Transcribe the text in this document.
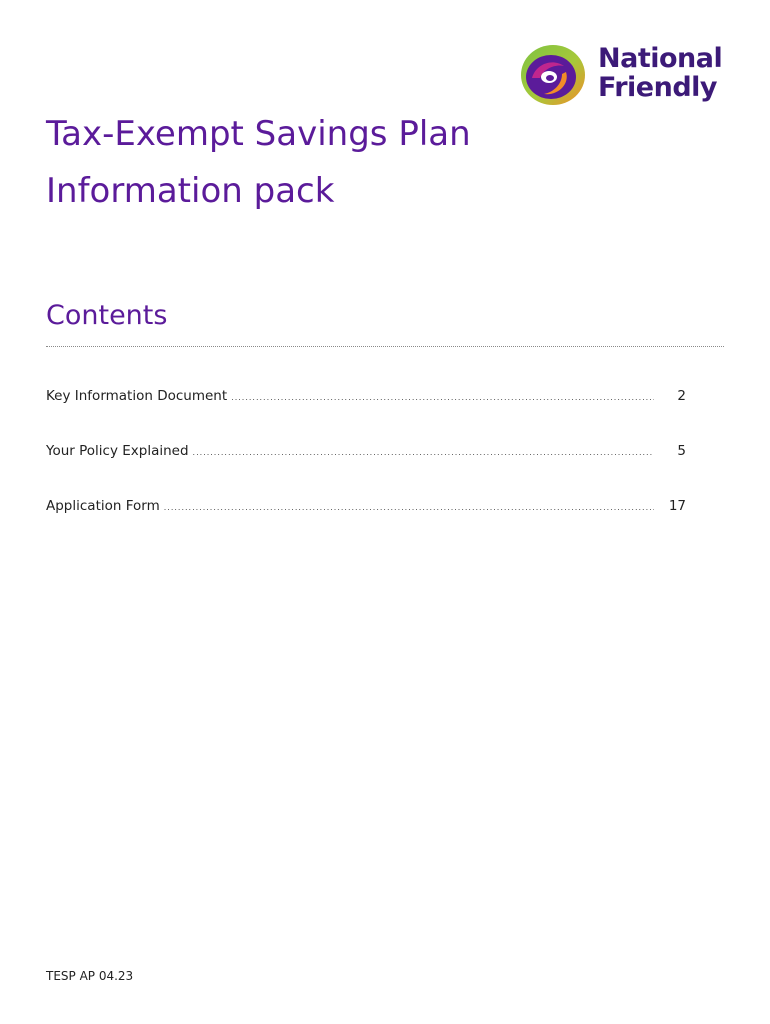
National
Friendly
Tax-Exempt Savings Plan
Information pack
Contents
Key Information Document .....	2
Your Policy Explained .....	5
Application Form .....	17
TESP AP 04.23
